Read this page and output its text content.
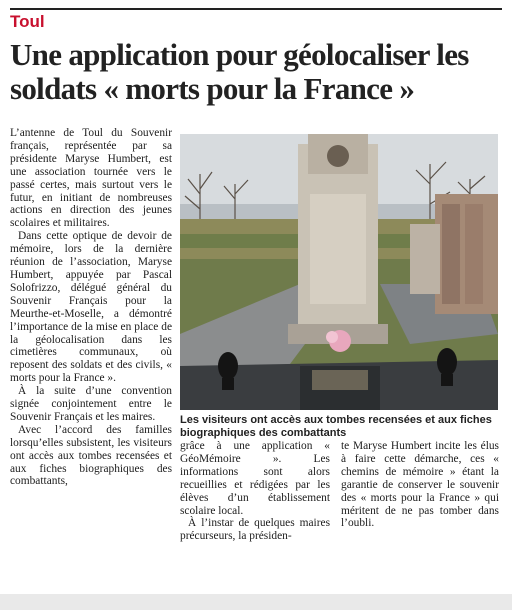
Toul
Une application pour géolocaliser les soldats « morts pour la France »

L’antenne de Toul du Souvenir français, représentée par sa présidente Maryse Humbert, est une association tournée vers le passé certes, mais surtout vers le futur, en initiant de nombreuses actions en direction des jeunes scolaires et militaires.

Dans cette optique de devoir de mémoire, lors de la dernière réunion de l’association, Maryse Humbert, appuyée par Pascal Solofrizzo, délégué général du Souvenir Français pour la Meurthe-et-Moselle, a démontré l’importance de la mise en place de la géolocalisation dans les cimetières communaux, où reposent des soldats et des civils, « morts pour la France ».

À la suite d’une convention signée conjointement entre le Souvenir Français et les maires.

Avec l’accord des familles lorsqu’elles subsistent, les visiteurs ont accès aux tombes recensées et aux fiches biographiques des combattants,

Les visiteurs ont accès aux tombes recensées et aux fiches biographiques des combattants

grâce à une application « GéoMémoire ». Les informations sont alors recueillies et rédigées par les élèves d’un établissement scolaire local.

À l’instar de quelques maires précurseurs, la présiden-

te Maryse Humbert incite les élus à faire cette démarche, ces « chemins de mémoire » étant la garantie de conserver le souvenir des « morts pour la France » qui méritent de ne pas tomber dans l’oubli.
